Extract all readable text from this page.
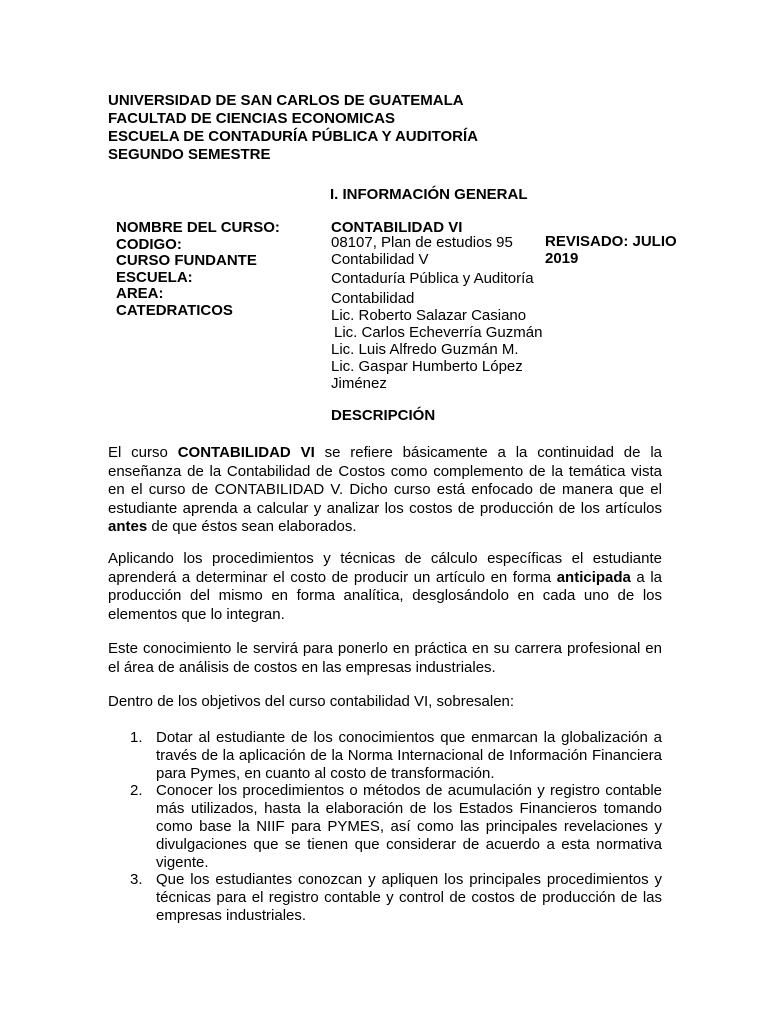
UNIVERSIDAD DE SAN CARLOS DE GUATEMALA
FACULTAD DE CIENCIAS ECONOMICAS
ESCUELA DE CONTADURÍA PÚBLICA Y AUDITORÍA
SEGUNDO SEMESTRE
I. INFORMACIÓN GENERAL
NOMBRE DEL CURSO:
CODIGO:
CURSO FUNDANTE
ESCUELA:
AREA:
CATEDRATICOS
CONTABILIDAD VI
08107, Plan de estudios 95
Contabilidad V
Contaduría Pública y Auditoría
Contabilidad
Lic. Roberto Salazar Casiano
Lic. Carlos Echeverría Guzmán
Lic. Luis Alfredo Guzmán M.
Lic. Gaspar Humberto López
Jiménez
REVISADO: JULIO
2019
DESCRIPCIÓN
El curso CONTABILIDAD VI se refiere básicamente a la continuidad de la enseñanza de la Contabilidad de Costos como complemento de la temática vista en el curso de CONTABILIDAD V. Dicho curso está enfocado de manera que el estudiante aprenda a calcular y analizar los costos de producción de los artículos antes de que éstos sean elaborados.
Aplicando los procedimientos y técnicas de cálculo específicas el estudiante aprenderá a determinar el costo de producir un artículo en forma anticipada a la producción del mismo en forma analítica, desglosándolo en cada uno de los elementos que lo integran.
Este conocimiento le servirá para ponerlo en práctica en su carrera profesional en el área de análisis de costos en las empresas industriales.
Dentro de los objetivos del curso contabilidad VI, sobresalen:
1. Dotar al estudiante de los conocimientos que enmarcan la globalización a través de la aplicación de la Norma Internacional de Información Financiera para Pymes, en cuanto al costo de transformación.
2. Conocer los procedimientos o métodos de acumulación y registro contable más utilizados, hasta la elaboración de los Estados Financieros tomando como base la NIIF para PYMES, así como las principales revelaciones y divulgaciones que se tienen que considerar de acuerdo a esta normativa vigente.
3. Que los estudiantes conozcan y apliquen los principales procedimientos y técnicas para el registro contable y control de costos de producción de las empresas industriales.
